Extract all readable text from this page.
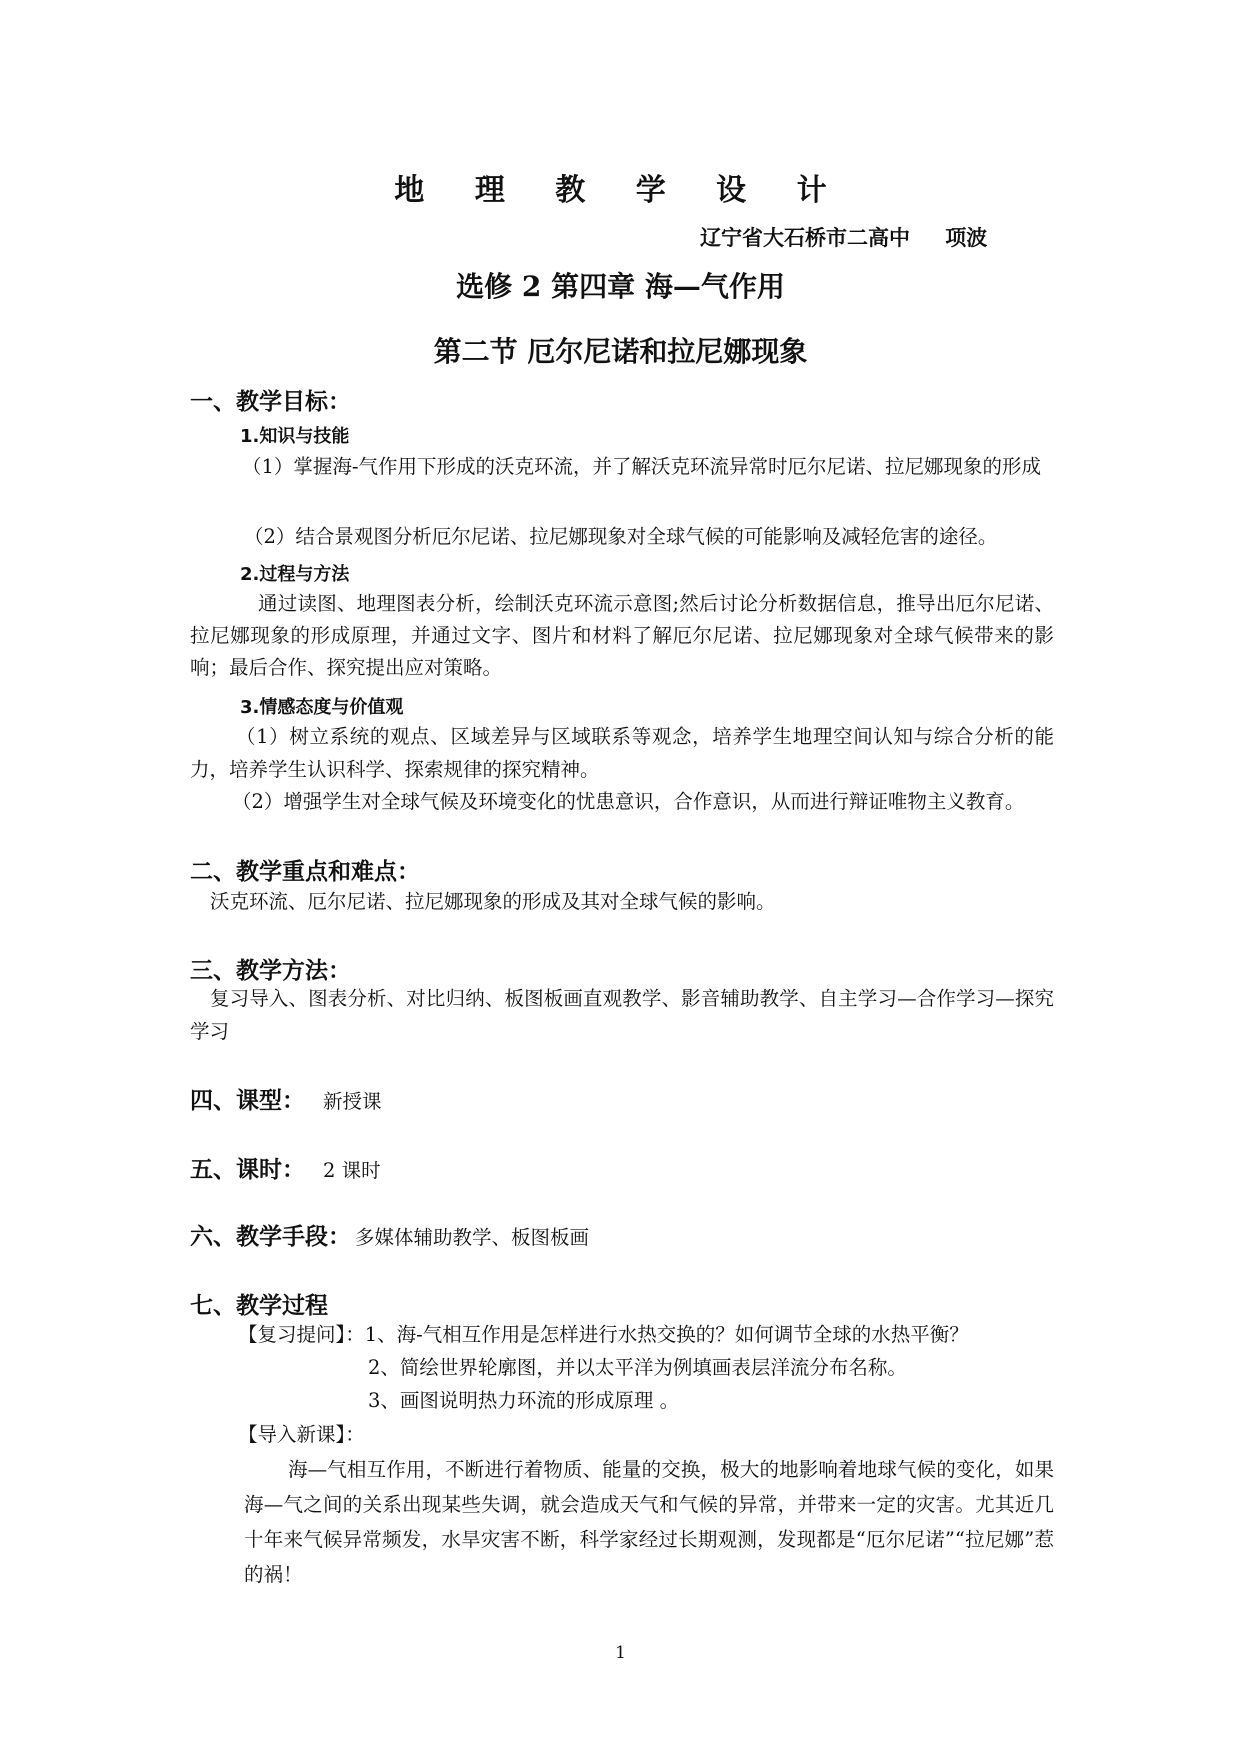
地 理 教 学 设 计
辽宁省大石桥市二高中 项波
选修 2 第四章 海—气作用
第二节 厄尔尼诺和拉尼娜现象
一、教学目标：
1.知识与技能
（1）掌握海-气作用下形成的沃克环流，并了解沃克环流异常时厄尔尼诺、拉尼娜现象的形成
（2）结合景观图分析厄尔尼诺、拉尼娜现象对全球气候的可能影响及减轻危害的途径。
2.过程与方法
通过读图、地理图表分析，绘制沃克环流示意图;然后讨论分析数据信息，推导出厄尔尼诺、拉尼娜现象的形成原理，并通过文字、图片和材料了解厄尔尼诺、拉尼娜现象对全球气候带来的影响；最后合作、探究提出应对策略。
3.情感态度与价值观
（1）树立系统的观点、区域差异与区域联系等观念，培养学生地理空间认知与综合分析的能力，培养学生认识科学、探索规律的探究精神。
（2）增强学生对全球气候及环境变化的忧患意识，合作意识，从而进行辩证唯物主义教育。
二、教学重点和难点：
沃克环流、厄尔尼诺、拉尼娜现象的形成及其对全球气候的影响。
三、教学方法：
复习导入、图表分析、对比归纳、板图板画直观教学、影音辅助教学、自主学习—合作学习—探究学习
四、课型： 新授课
五、课时： 2 课时
六、教学手段： 多媒体辅助教学、板图板画
七、教学过程
【复习提问】：1、海-气相互作用是怎样进行水热交换的？如何调节全球的水热平衡？
2、简绘世界轮廓图，并以太平洋为例填画表层洋流分布名称。
3、画图说明热力环流的形成原理 。
【导入新课】：
海—气相互作用，不断进行着物质、能量的交换，极大的地影响着地球气候的变化，如果海—气之间的关系出现某些失调，就会造成天气和气候的异常，并带来一定的灾害。尤其近几十年来气候异常频发，水旱灾害不断，科学家经过长期观测，发现都是“厄尔尼诺”“拉尼娜”惹的祸！
1
